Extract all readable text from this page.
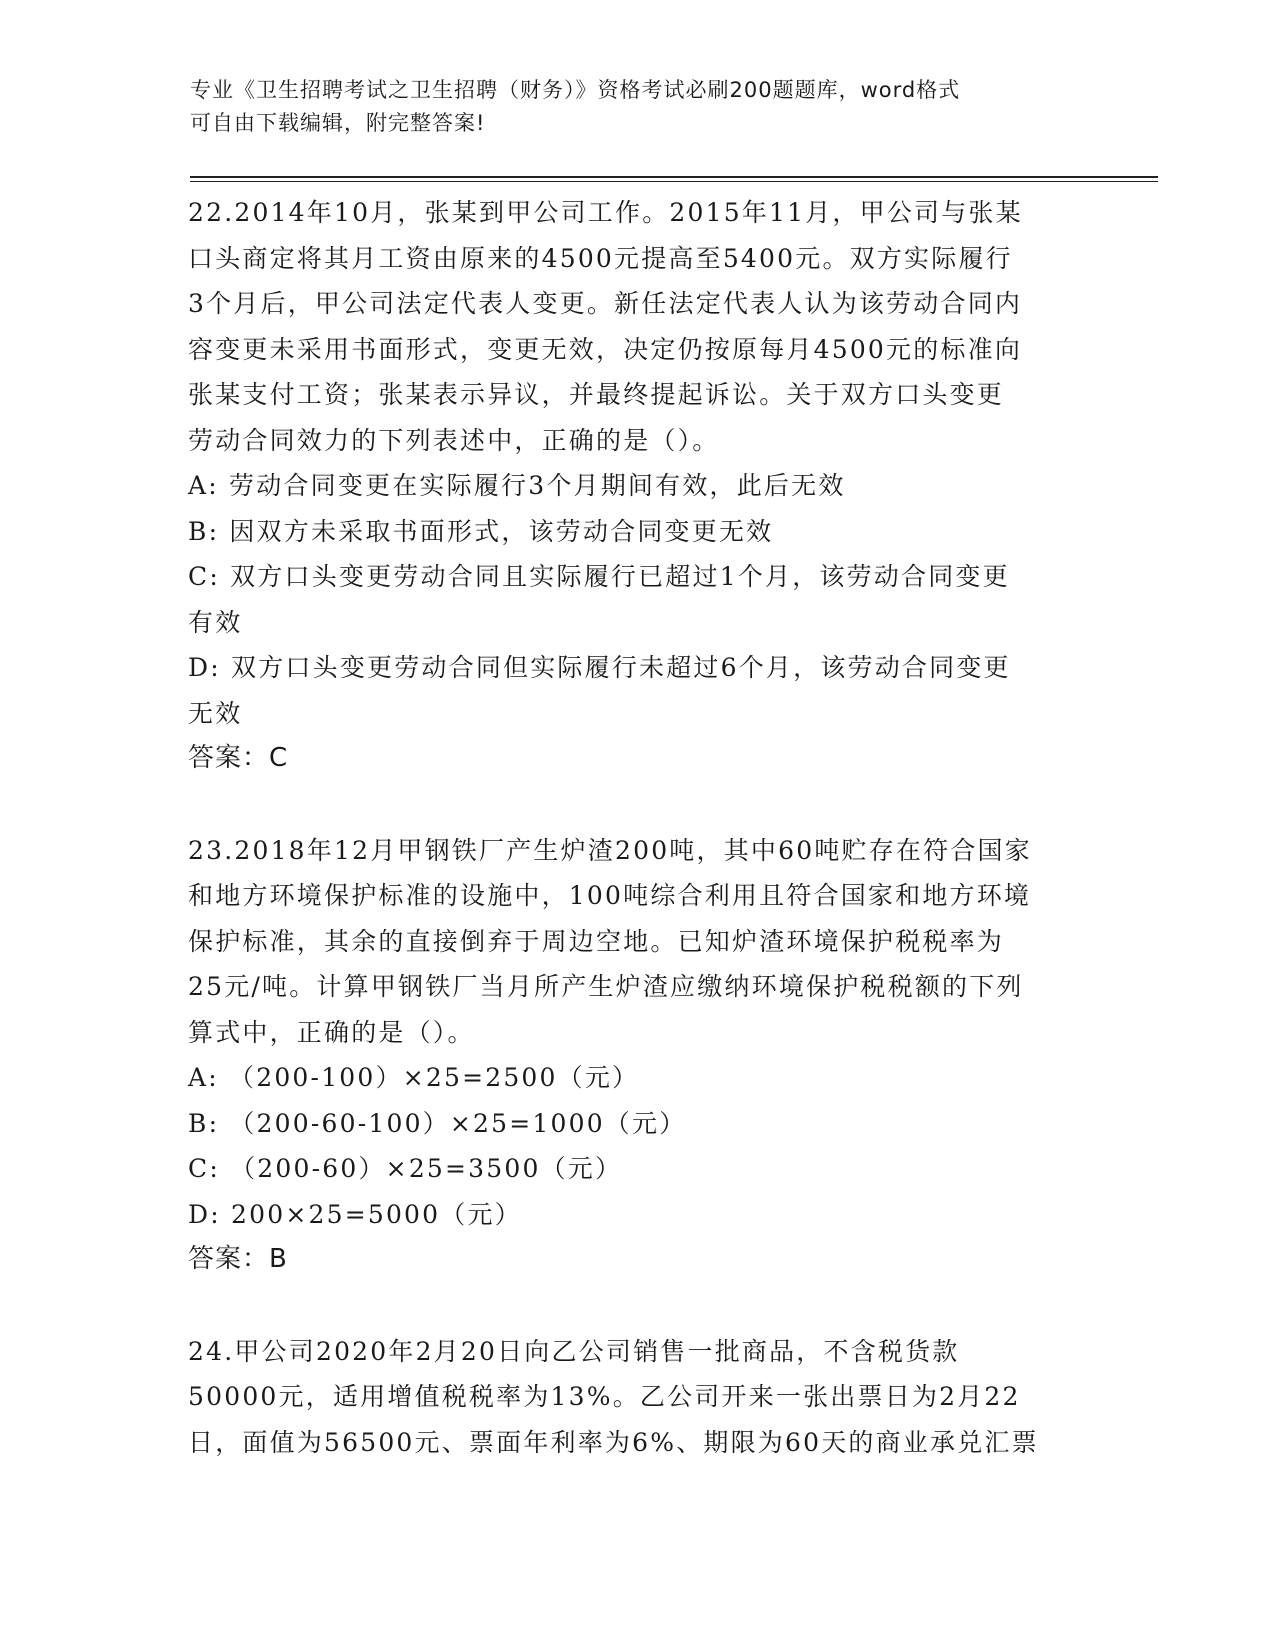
专业《卫生招聘考试之卫生招聘（财务）》资格考试必刷200题题库，word格式
可自由下载编辑，附完整答案!

22.2014年10月，张某到甲公司工作。2015年11月，甲公司与张某

口头商定将其月工资由原来的4500元提高至5400元。双方实际履行

3个月后，甲公司法定代表人变更。新任法定代表人认为该劳动合同内

容变更未采用书面形式，变更无效，决定仍按原每月4500元的标准向

张某支付工资；张某表示异议，并最终提起诉讼。关于双方口头变更

劳动合同效力的下列表述中，正确的是（）。

A: 劳动合同变更在实际履行3个月期间有效，此后无效

B: 因双方未采取书面形式，该劳动合同变更无效

C: 双方口头变更劳动合同且实际履行已超过1个月，该劳动合同变更

有效

D: 双方口头变更劳动合同但实际履行未超过6个月，该劳动合同变更

无效

答案：C

23.2018年12月甲钢铁厂产生炉渣200吨，其中60吨贮存在符合国家

和地方环境保护标准的设施中，100吨综合利用且符合国家和地方环境

保护标准，其余的直接倒弃于周边空地。已知炉渣环境保护税税率为

25元/吨。计算甲钢铁厂当月所产生炉渣应缴纳环境保护税税额的下列

算式中，正确的是（）。

A: （200-100）×25=2500（元）

B: （200-60-100）×25=1000（元）

C: （200-60）×25=3500（元）

D: 200×25=5000（元）

答案：B

24.甲公司2020年2月20日向乙公司销售一批商品，不含税货款

50000元，适用增值税税率为13%。乙公司开来一张出票日为2月22

日，面值为56500元、票面年利率为6%、期限为60天的商业承兑汇票
